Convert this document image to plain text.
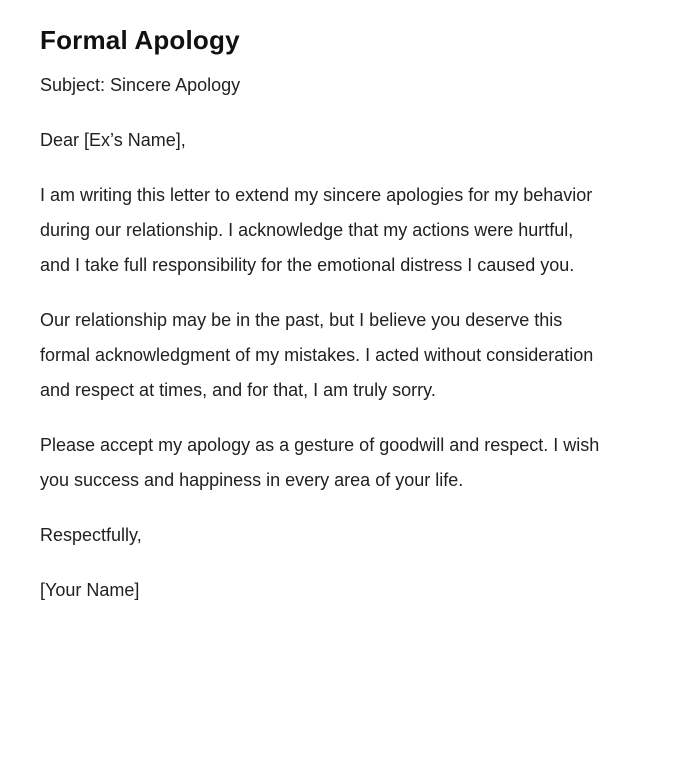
Formal Apology

Subject: Sincere Apology

Dear [Ex’s Name],

I am writing this letter to extend my sincere apologies for my behavior during our relationship. I acknowledge that my actions were hurtful, and I take full responsibility for the emotional distress I caused you.

Our relationship may be in the past, but I believe you deserve this formal acknowledgment of my mistakes. I acted without consideration and respect at times, and for that, I am truly sorry.

Please accept my apology as a gesture of goodwill and respect. I wish you success and happiness in every area of your life.

Respectfully,

[Your Name]
